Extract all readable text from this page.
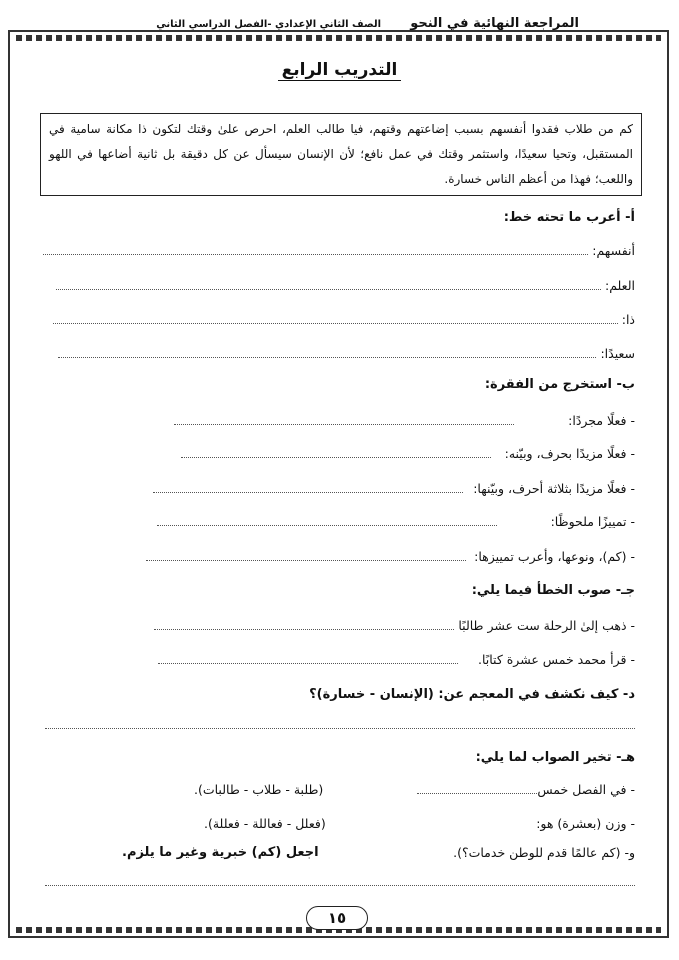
المراجعة النهائية في النحو
الصف الثاني الإعدادي -الفصل الدراسي الثاني
التدريب الرابع
كم من طلاب فقدوا أنفسهم بسبب إضاعتهم وقتهم، فيا طالب العلم، احرص علىٰ وقتك لتكون ذا مكانة سامية في المستقبل، وتحيا سعيدًا، واستثمر وقتك في عمل نافع؛ لأن الإنسان سيسأل عن كل دقيقة بل ثانية أضاعها في اللهو واللعب؛ فهذا من أعظم الناس خسارة.
أ- أعرب ما تحته خط:
أنفسهم:
العلم:
ذا:
سعيدًا:
ب- استخرج من الفقرة:
- فعلًا مجردًا:
- فعلًا مزيدًا بحرف، وبيّنه:
- فعلًا مزيدًا بثلاثة أحرف، وبيّنها:
- تمييزًا ملحوظًا:
- (كم)، ونوعها، وأعرب تمييزها:
جـ- صوب الخطأ فيما يلي:
- ذهب إلىٰ الرحلة ست عشر طالبًا
- قرأ محمد خمس عشرة كتابًا.
د- كيف نكشف في المعجم عن: (الإنسان - خسارة)؟
هـ- تخير الصواب لما يلي:
- في الفصل خمس
(طلبة - طلاب - طالبات).
- وزن (بعشرة) هو:
(فعلل - فعاللة - فعللة).
و- (كم عالمًا قدم للوطن خدمات؟).
اجعل (كم) خبرية وغير ما يلزم.
١٥
